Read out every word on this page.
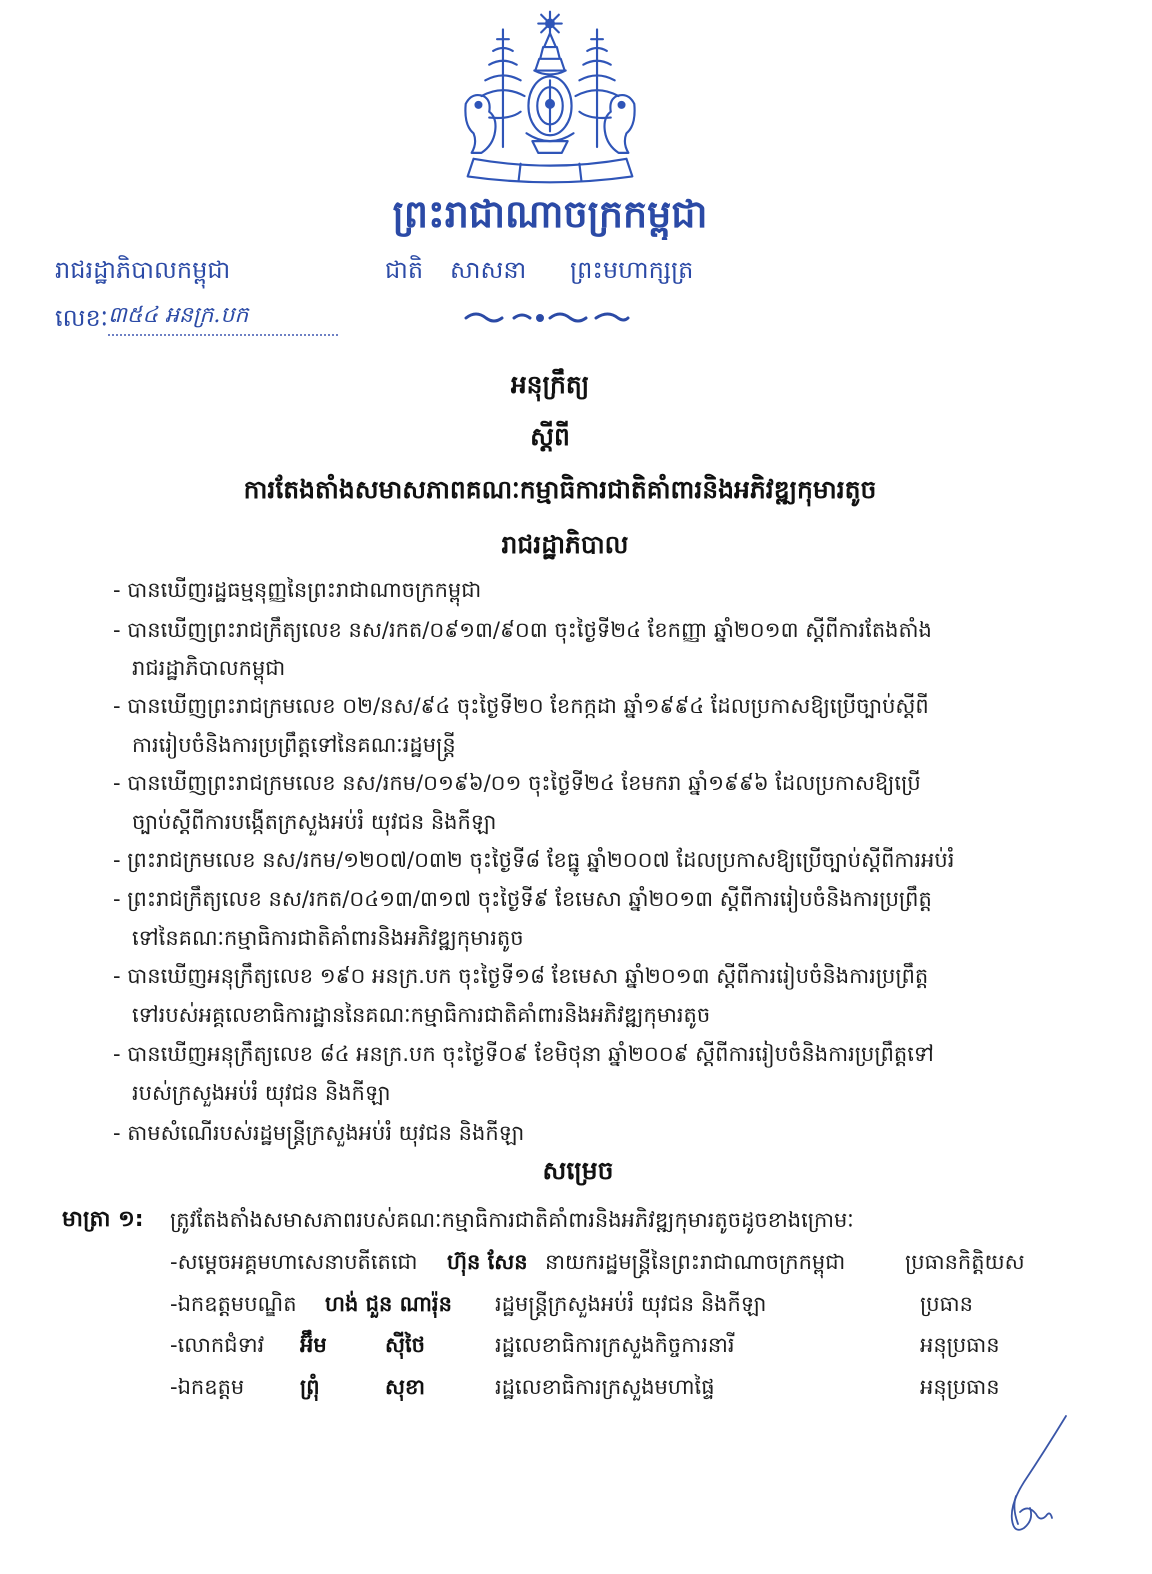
ព្រះរាជាណាចក្រកម្ពុជា
រាជរដ្ឋាភិបាលកម្ពុជា	ជាតិ	សាសនា	ព្រះមហាក្សត្រ
លេខៈ ៣៥៤ អនក្រ.បក
អនុក្រឹត្យ
ស្តីពី
ការតែងតាំងសមាសភាពគណៈកម្មាធិការជាតិគាំពារនិងអភិវឌ្ឍកុមារតូច
រាជរដ្ឋាភិបាល
- បានឃើញរដ្ឋធម្មនុញ្ញនៃព្រះរាជាណាចក្រកម្ពុជា
- បានឃើញព្រះរាជក្រឹត្យលេខ នស/រកត/០៩១៣/៩០៣ ចុះថ្ងៃទី២៤ ខែកញ្ញា ឆ្នាំ២០១៣ ស្តីពីការតែងតាំង
រាជរដ្ឋាភិបាលកម្ពុជា
- បានឃើញព្រះរាជក្រមលេខ ០២/នស/៩៤ ចុះថ្ងៃទី២០ ខែកក្កដា ឆ្នាំ១៩៩៤ ដែលប្រកាសឱ្យប្រើច្បាប់ស្តីពី
ការរៀបចំនិងការប្រព្រឹត្តទៅនៃគណៈរដ្ឋមន្ត្រី
- បានឃើញព្រះរាជក្រមលេខ នស/រកម/០១៩៦/០១ ចុះថ្ងៃទី២៤ ខែមករា ឆ្នាំ១៩៩៦ ដែលប្រកាសឱ្យប្រើ
ច្បាប់ស្តីពីការបង្កើតក្រសួងអប់រំ យុវជន និងកីឡា
- ព្រះរាជក្រមលេខ នស/រកម/១២០៧/០៣២ ចុះថ្ងៃទី៨ ខែធ្នូ ឆ្នាំ២០០៧ ដែលប្រកាសឱ្យប្រើច្បាប់ស្តីពីការអប់រំ
- ព្រះរាជក្រឹត្យលេខ នស/រកត/០៤១៣/៣១៧ ចុះថ្ងៃទី៩ ខែមេសា ឆ្នាំ២០១៣ ស្តីពីការរៀបចំនិងការប្រព្រឹត្ត
ទៅនៃគណៈកម្មាធិការជាតិគាំពារនិងអភិវឌ្ឍកុមារតូច
- បានឃើញអនុក្រឹត្យលេខ ១៩០ អនក្រ.បក ចុះថ្ងៃទី១៨ ខែមេសា ឆ្នាំ២០១៣ ស្តីពីការរៀបចំនិងការប្រព្រឹត្ត
ទៅរបស់អគ្គលេខាធិការដ្ឋាននៃគណៈកម្មាធិការជាតិគាំពារនិងអភិវឌ្ឍកុមារតូច
- បានឃើញអនុក្រឹត្យលេខ ៨៤ អនក្រ.បក ចុះថ្ងៃទី០៩ ខែមិថុនា ឆ្នាំ២០០៩ ស្តីពីការរៀបចំនិងការប្រព្រឹត្តទៅ
របស់ក្រសួងអប់រំ យុវជន និងកីឡា
- តាមសំណើរបស់រដ្ឋមន្ត្រីក្រសួងអប់រំ យុវជន និងកីឡា
សម្រេច
មាត្រា ១:	ត្រូវតែងតាំងសមាសភាពរបស់គណៈកម្មាធិការជាតិគាំពារនិងអភិវឌ្ឍកុមារតូចដូចខាងក្រោមៈ
-សម្តេចអគ្គមហាសេនាបតីតេជោ ហ៊ុន សែន នាយករដ្ឋមន្ត្រីនៃព្រះរាជាណាចក្រកម្ពុជា	ប្រធានកិត្តិយស
-ឯកឧត្តមបណ្ឌិត ហង់ ជួន ណារ៉ុន រដ្ឋមន្ត្រីក្រសួងអប់រំ យុវជន និងកីឡា	ប្រធាន
-លោកជំទាវ អ៊ឹម	ស៊ីថៃ	រដ្ឋលេខាធិការក្រសួងកិច្ចការនារី	អនុប្រធាន
-ឯកឧត្តម	ព្រុំ	សុខា	រដ្ឋលេខាធិការក្រសួងមហាផ្ទៃ	អនុប្រធាន
